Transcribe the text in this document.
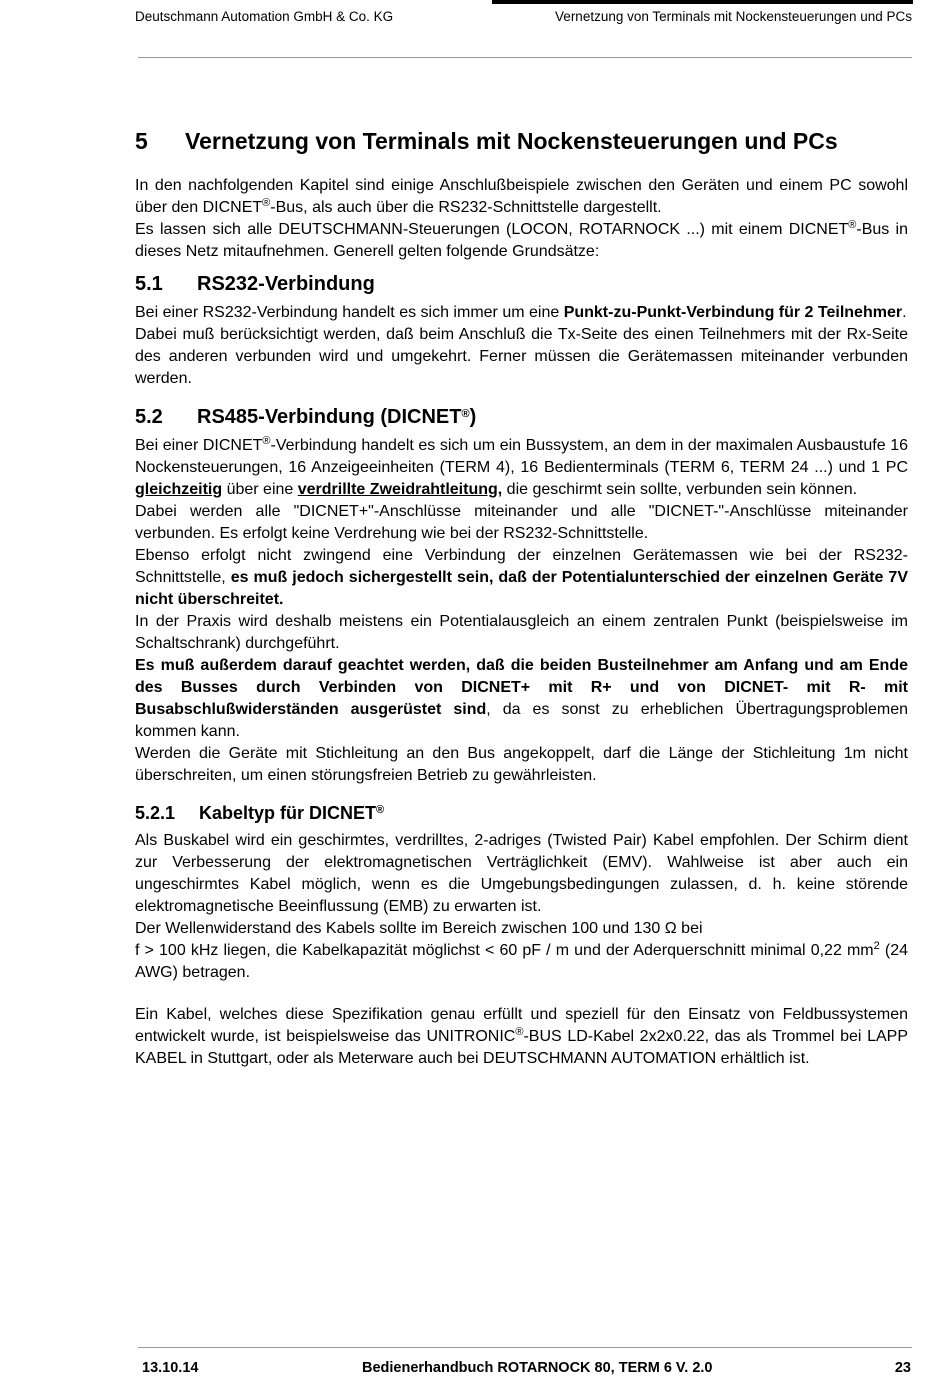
Deutschmann Automation GmbH & Co. KG	Vernetzung von Terminals mit Nockensteuerungen und PCs
5 Vernetzung von Terminals mit Nockensteuerungen und PCs

In den nachfolgenden Kapitel sind einige Anschlußbeispiele zwischen den Geräten und einem PC sowohl über den DICNET®-Bus, als auch über die RS232-Schnittstelle dargestellt.
Es lassen sich alle DEUTSCHMANN-Steuerungen (LOCON, ROTARNOCK ...) mit einem DICNET®-Bus in dieses Netz mitaufnehmen. Generell gelten folgende Grundsätze:

5.1 RS232-Verbindung

Bei einer RS232-Verbindung handelt es sich immer um eine Punkt-zu-Punkt-Verbindung für 2 Teilnehmer.

Dabei muß berücksichtigt werden, daß beim Anschluß die Tx-Seite des einen Teilnehmers mit der Rx-Seite des anderen verbunden wird und umgekehrt. Ferner müssen die Gerätemassen miteinander verbunden werden.

5.2 RS485-Verbindung (DICNET®)

Bei einer DICNET®-Verbindung handelt es sich um ein Bussystem, an dem in der maximalen Ausbaustufe 16 Nockensteuerungen, 16 Anzeigeeinheiten (TERM 4), 16 Bedienterminals (TERM 6, TERM 24 ...) und 1 PC gleichzeitig über eine verdrillte Zweidrahtleitung, die geschirmt sein sollte, verbunden sein können.

Dabei werden alle "DICNET+"-Anschlüsse miteinander und alle "DICNET-"-Anschlüsse miteinander verbunden. Es erfolgt keine Verdrehung wie bei der RS232-Schnittstelle.

Ebenso erfolgt nicht zwingend eine Verbindung der einzelnen Gerätemassen wie bei der RS232-Schnittstelle, es muß jedoch sichergestellt sein, daß der Potentialunterschied der einzelnen Geräte 7V nicht überschreitet.

In der Praxis wird deshalb meistens ein Potentialausgleich an einem zentralen Punkt (beispielsweise im Schaltschrank) durchgeführt.

Es muß außerdem darauf geachtet werden, daß die beiden Busteilnehmer am Anfang und am Ende des Busses durch Verbinden von DICNET+ mit R+ und von DICNET- mit R- mit Busabschlußwiderständen ausgerüstet sind, da es sonst zu erheblichen Übertragungsproblemen kommen kann.

Werden die Geräte mit Stichleitung an den Bus angekoppelt, darf die Länge der Stichleitung 1m nicht überschreiten, um einen störungsfreien Betrieb zu gewährleisten.

5.2.1 Kabeltyp für DICNET®

Als Buskabel wird ein geschirmtes, verdrilltes, 2-adriges (Twisted Pair) Kabel empfohlen. Der Schirm dient zur Verbesserung der elektromagnetischen Verträglichkeit (EMV). Wahlweise ist aber auch ein ungeschirmtes Kabel möglich, wenn es die Umgebungsbedingungen zulassen, d. h. keine störende elektromagnetische Beeinflussung (EMB) zu erwarten ist.

Der Wellenwiderstand des Kabels sollte im Bereich zwischen 100 und 130 Ω bei
f > 100 kHz liegen, die Kabelkapazität möglichst < 60 pF / m und der Aderquerschnitt minimal 0,22 $mm^2$ (24 AWG) betragen.

Ein Kabel, welches diese Spezifikation genau erfüllt und speziell für den Einsatz von Feldbussystemen entwickelt wurde, ist beispielsweise das UNITRONIC®-BUS LD-Kabel 2x2x0.22, das als Trommel bei LAPP KABEL in Stuttgart, oder als Meterware auch bei DEUTSCHMANN AUTOMATION erhältlich ist.

13.10.14	Bedienerhandbuch ROTARNOCK 80, TERM 6 V. 2.0	23
